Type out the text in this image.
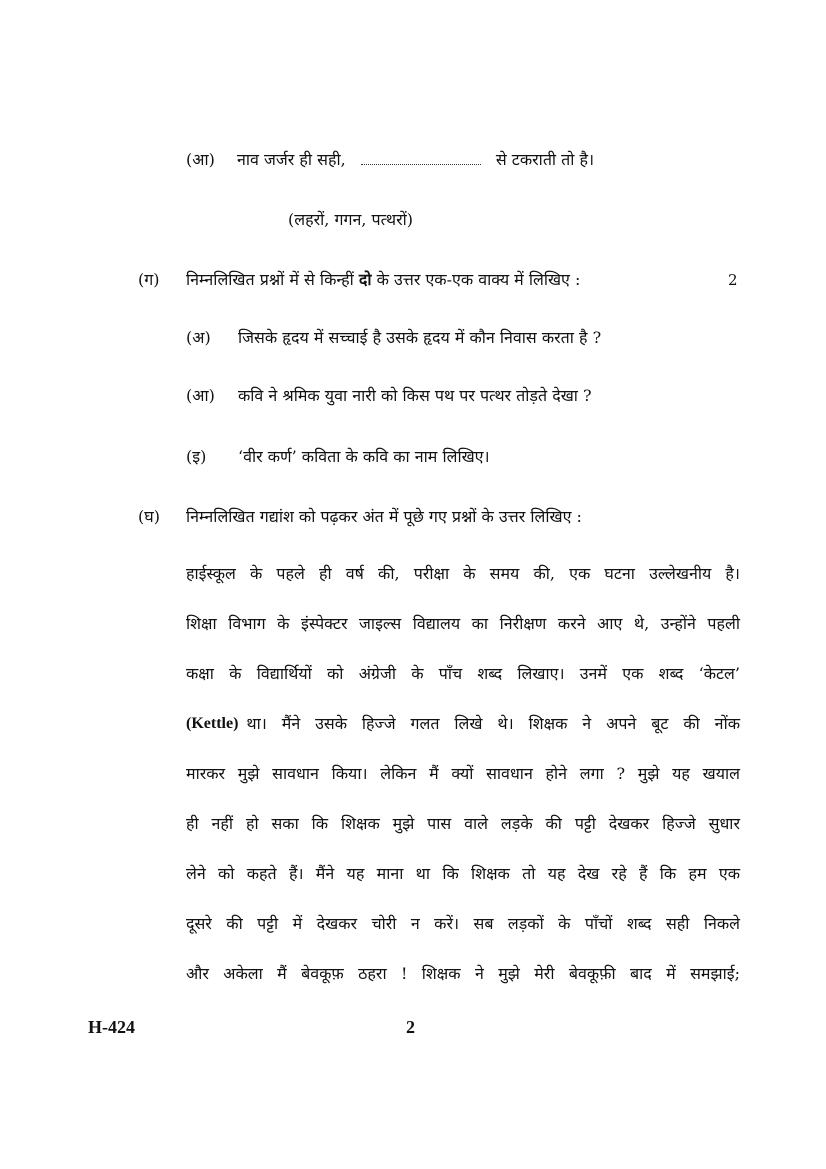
(आ) नाव जर्जर ही सही,	से टकराती तो है।
(लहरों, गगन, पत्थरों)
(ग) निम्नलिखित प्रश्नों में से किन्हीं दो के उत्तर एक-एक वाक्य में लिखिए :	2
(अ) जिसके हृदय में सच्चाई है उसके हृदय में कौन निवास करता है ?
(आ) कवि ने श्रमिक युवा नारी को किस पथ पर पत्थर तोड़ते देखा ?
(इ) ‘वीर कर्ण’ कविता के कवि का नाम लिखिए।
(घ) निम्नलिखित गद्यांश को पढ़कर अंत में पूछे गए प्रश्नों के उत्तर लिखिए :
हाईस्कूल के पहले ही वर्ष की, परीक्षा के समय की, एक घटना उल्लेखनीय है।
शिक्षा विभाग के इंस्पेक्टर जाइल्स विद्यालय का निरीक्षण करने आए थे, उन्होंने पहली
कक्षा के विद्यार्थियों को अंग्रेजी के पाँच शब्द लिखाए। उनमें एक शब्द ‘केटल’
(Kettle) था। मैंने उसके हिज्जे गलत लिखे थे। शिक्षक ने अपने बूट की नोंक
मारकर मुझे सावधान किया। लेकिन मैं क्यों सावधान होने लगा ? मुझे यह खयाल
ही नहीं हो सका कि शिक्षक मुझे पास वाले लड़के की पट्टी देखकर हिज्जे सुधार
लेने को कहते हैं। मैंने यह माना था कि शिक्षक तो यह देख रहे हैं कि हम एक
दूसरे की पट्टी में देखकर चोरी न करें। सब लड़कों के पाँचों शब्द सही निकले
और अकेला मैं बेवकूफ़ ठहरा ! शिक्षक ने मुझे मेरी बेवकूफ़ी बाद में समझाई;
H-424	2
